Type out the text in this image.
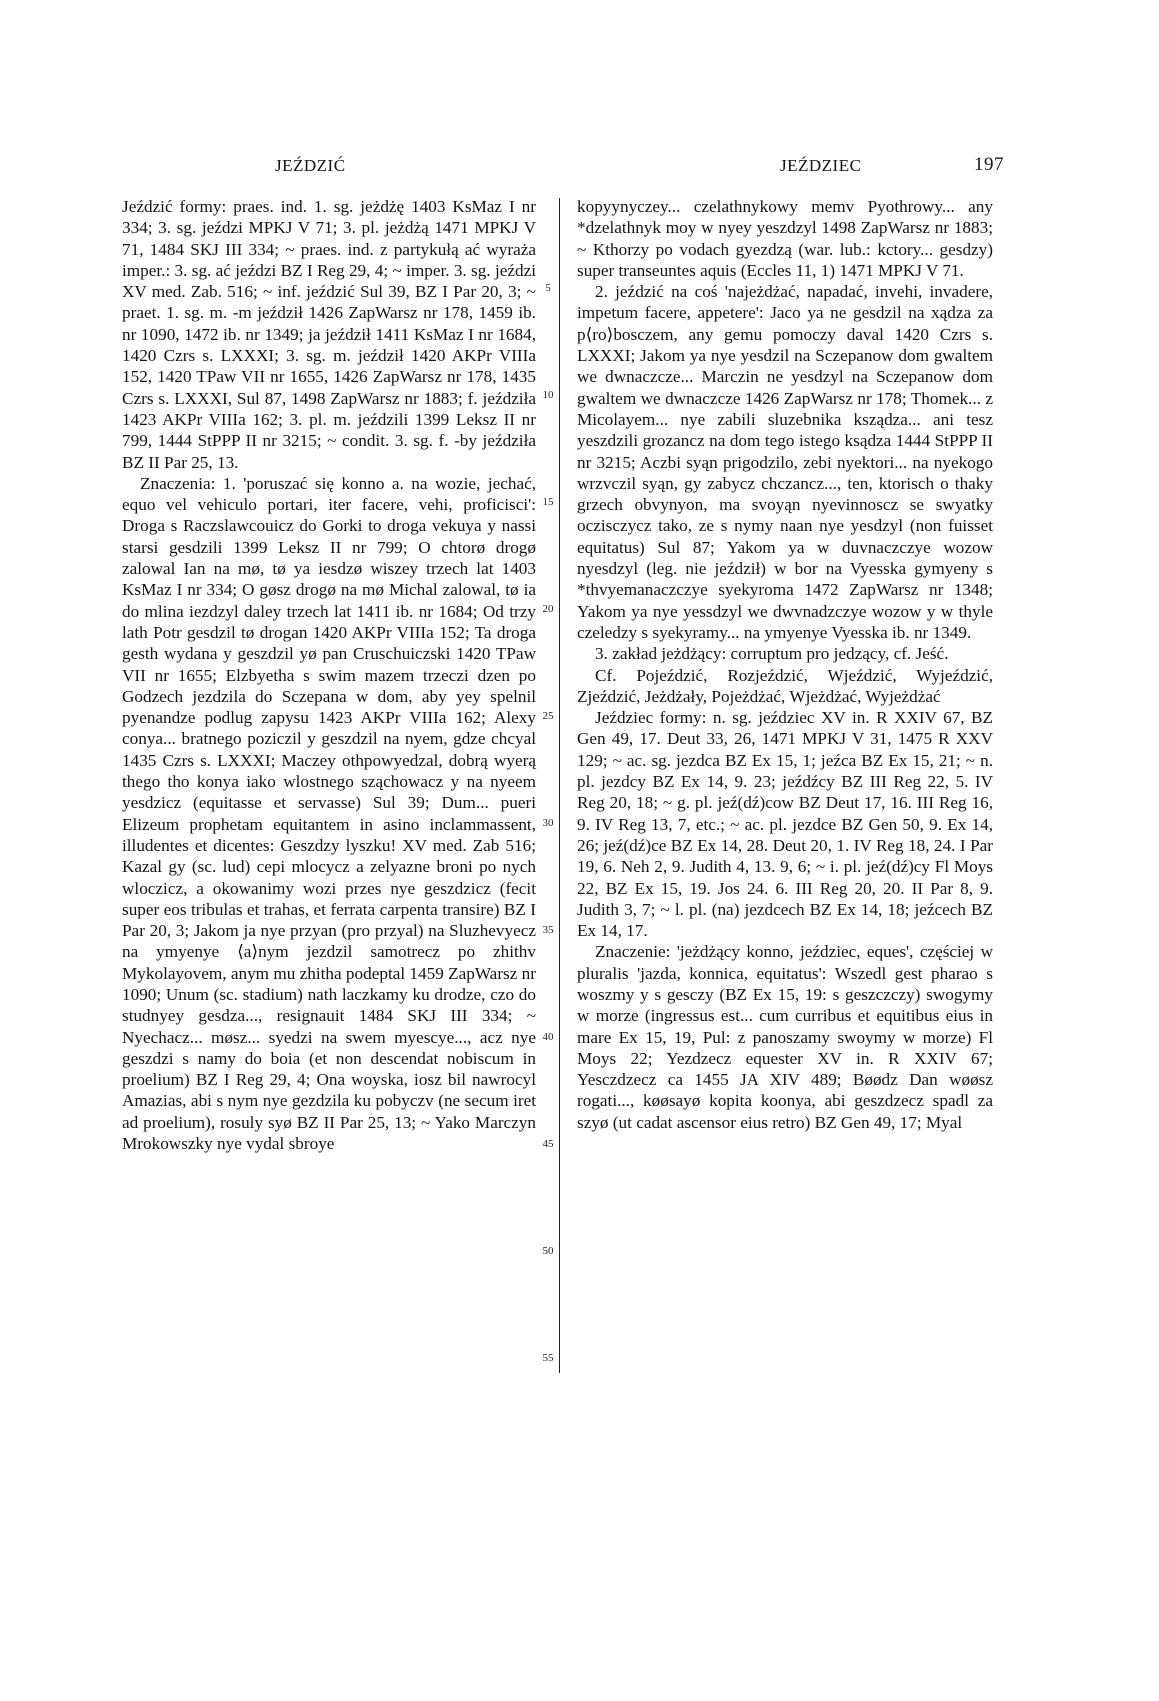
JEŹDZIĆ	JEŹDZIEC	197

Jeździć formy: praes. ind. 1. sg. jeżdżę 1403 KsMaz I nr 334; 3. sg. jeździ MPKJ V 71; 3. pl. jeżdżą 1471 MPKJ V 71, 1484 SKJ III 334; ~ praes. ind. z partykułą ać wyraża imper.: 3. sg. ać jeździ BZ I Reg 29, 4; ~ imper. 3. sg. jeździ XV med. Zab. 516; ~ inf. jeździć Sul 39, BZ I Par 20, 3; ~ praet. 1. sg. m. -m jeździł 1426 ZapWarsz nr 178, 1459 ib. nr 1090, 1472 ib. nr 1349; ja jeździł 1411 KsMaz I nr 1684, 1420 Czrs s. LXXXI; 3. sg. m. jeździł 1420 AKPr VIIIa 152, 1420 TPaw VII nr 1655, 1426 ZapWarsz nr 178, 1435 Czrs s. LXXXI, Sul 87, 1498 ZapWarsz nr 1883; f. jeździła 1423 AKPr VIIIa 162; 3. pl. m. jeździli 1399 Leksz II nr 799, 1444 StPPP II nr 3215; ~ condit. 3. sg. f. -by jeździła BZ II Par 25, 13.

Znaczenia: 1. 'poruszać się konno a. na wozie, jechać, equo vel vehiculo portari, iter facere, vehi, proficisci': Droga s Raczslawcouicz do Gorki to droga vekuya y nassi starsi gesdzili 1399 Leksz II nr 799; O chtorø drogø zalowal Ian na mø, tø ya iesdzø wiszey trzech lat 1403 KsMaz I nr 334; O gøsz drogø na mø Michal zalowal, tø ia do mlina iezdzyl daley trzech lat 1411 ib. nr 1684; Od trzy lath Potr gesdzil tø drogan 1420 AKPr VIIIa 152; Ta droga gesth wydana y geszdzil yø pan Cruschuiczski 1420 TPaw VII nr 1655; Elzbyetha s swim mazem trzeczi dzen po Godzech jezdzila do Sczepana w dom, aby yey spelnil pyenandze podlug zapysu 1423 AKPr VIIIa 162; Alexy conya... bratnego poziczil y geszdzil na nyem, gdze chcyal 1435 Czrs s. LXXXI; Maczey othpowyedzal, dobrą wyerą thego tho konya iako wlostnego sząchowacz y na nyeem yesdzicz (equitasse et servasse) Sul 39; Dum... pueri Elizeum prophetam equitantem in asino inclammassent, illudentes et dicentes: Geszdzy lyszku! XV med. Zab 516; Kazal gy (sc. lud) cepi mlocycz a zelyazne broni po nych wloczicz, a okowanimy wozi przes nye geszdzicz (fecit super eos tribulas et trahas, et ferrata carpenta transire) BZ I Par 20, 3; Jakom ja nye przyan (pro przyal) na Sluzhevyecz na ymyenye ⟨a⟩nym jezdzil samotrecz po zhithv Mykolayovem, anym mu zhitha podeptal 1459 ZapWarsz nr 1090; Unum (sc. stadium) nath laczkamy ku drodze, czo do studnyey gesdza..., resignauit 1484 SKJ III 334; ~ Nyechacz... møsz... syedzi na swem myescye..., acz nye geszdzi s namy do boia (et non descendat nobiscum in proelium) BZ I Reg 29, 4; Ona woyska, iosz bil nawrocyl Amazias, abi s nym nye gezdzila ku pobyczv (ne secum iret ad proelium), rosuly syø BZ II Par 25, 13; ~ Yako Marczyn Mrokowszky nye vydal sbroye

5
10
15
20
25
30
35
40
45
50
55

kopyynyczey... czelathnykowy memv Pyothrowy... any *dzelathnyk moy w nyey yeszdzyl 1498 ZapWarsz nr 1883; ~ Kthorzy po vodach gyezdzą (war. lub.: kctory... gesdzy) super transeuntes aquis (Eccles 11, 1) 1471 MPKJ V 71.

2. jeździć na coś 'najeżdżać, napadać, invehi, invadere, impetum facere, appetere': Jaco ya ne gesdzil na xądza za p⟨ro⟩bosczem, any gemu pomoczy daval 1420 Czrs s. LXXXI; Jakom ya nye yesdzil na Sczepanow dom gwaltem we dwnaczcze... Marczin ne yesdzyl na Sczepanow dom gwaltem we dwnaczcze 1426 ZapWarsz nr 178; Thomek... z Micolayem... nye zabili sluzebnika ksządza... ani tesz yeszdzili grozancz na dom tego istego ksądza 1444 StPPP II nr 3215; Aczbi syąn prigodzilo, zebi nyektori... na nyekogo wrzvczil syąn, gy zabycz chczancz..., ten, ktorisch o thaky grzech obvynyon, ma svoyąn nyevinnoscz se swyatky oczisczycz tako, ze s nymy naan nye yesdzyl (non fuisset equitatus) Sul 87; Yakom ya w duvnaczczye wozow nyesdzyl (leg. nie jeździł) w bor na Vyesska gymyeny s *thvyemanaczczye syekyroma 1472 ZapWarsz nr 1348; Yakom ya nye yessdzyl we dwvnadzczye wozow y w thyle czeledzy s syekyramy... na ymyenye Vyesska ib. nr 1349.

3. zakład jeżdżący: corruptum pro jedzący, cf. Jeść.

Cf. Pojeździć, Rozjeździć, Wjeździć, Wyjeździć, Zjeździć, Jeżdżały, Pojeżdżać, Wjeżdżać, Wyjeżdżać

Jeździec formy: n. sg. jeździec XV in. R XXIV 67, BZ Gen 49, 17. Deut 33, 26, 1471 MPKJ V 31, 1475 R XXV 129; ~ ac. sg. jezdca BZ Ex 15, 1; jeźca BZ Ex 15, 21; ~ n. pl. jezdcy BZ Ex 14, 9. 23; jeźdźcy BZ III Reg 22, 5. IV Reg 20, 18; ~ g. pl. jeź(dź)cow BZ Deut 17, 16. III Reg 16, 9. IV Reg 13, 7, etc.; ~ ac. pl. jezdce BZ Gen 50, 9. Ex 14, 26; jeź(dź)ce BZ Ex 14, 28. Deut 20, 1. IV Reg 18, 24. I Par 19, 6. Neh 2, 9. Judith 4, 13. 9, 6; ~ i. pl. jeź(dź)cy Fl Moys 22, BZ Ex 15, 19. Jos 24. 6. III Reg 20, 20. II Par 8, 9. Judith 3, 7; ~ l. pl. (na) jezdcech BZ Ex 14, 18; jeźcech BZ Ex 14, 17.

Znaczenie: 'jeżdżący konno, jeździec, eques', częściej w pluralis 'jazda, konnica, equitatus': Wszedl gest pharao s woszmy y s gesczy (BZ Ex 15, 19: s geszczczy) swogymy w morze (ingressus est... cum curribus et equitibus eius in mare Ex 15, 19, Pul: z panoszamy swoymy w morze) Fl Moys 22; Yezdzecz equester XV in. R XXIV 67; Yesczdzecz ca 1455 JA XIV 489; Bøødz Dan wøøsz rogati..., køøsayø kopita koonya, abi geszdzecz spadl za szyø (ut cadat ascensor eius retro) BZ Gen 49, 17; Myal
